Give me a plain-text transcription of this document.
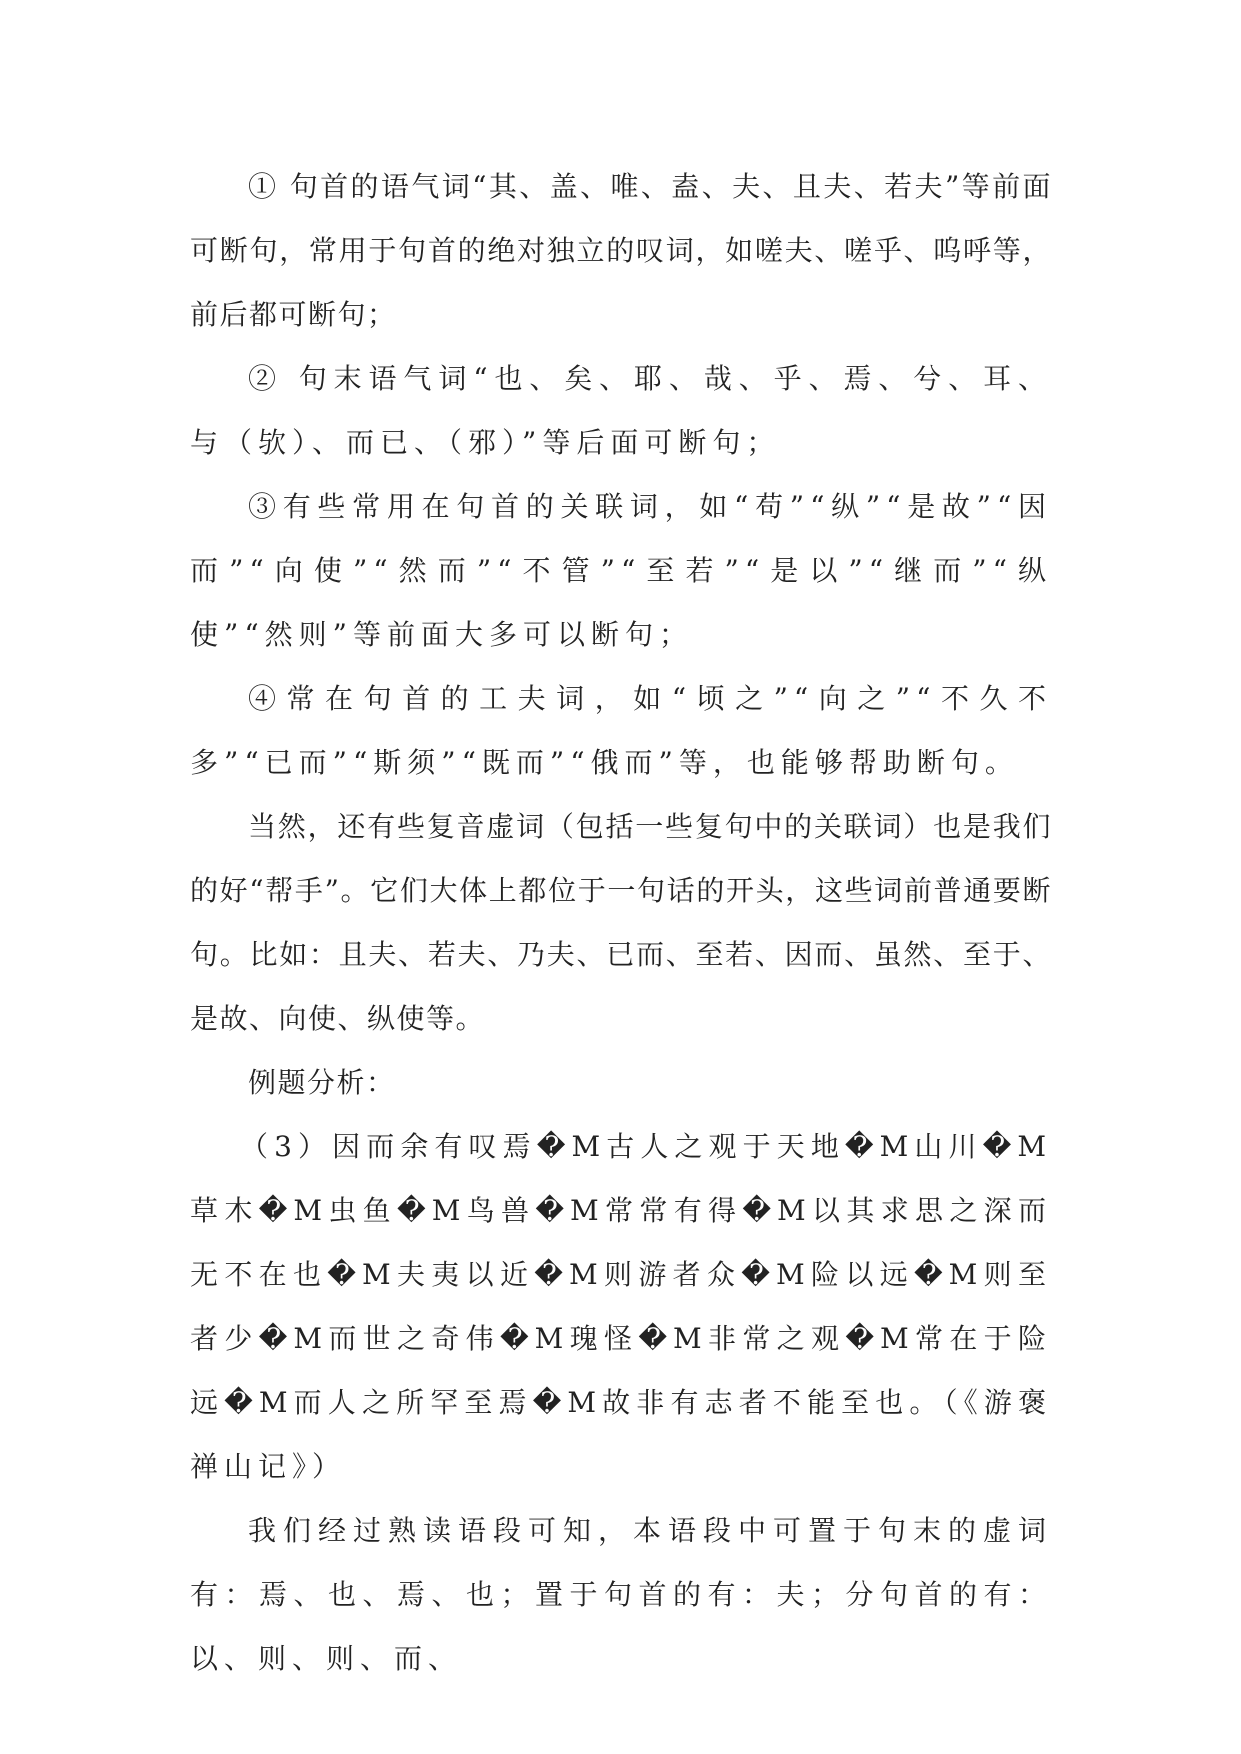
① 句首的语气词“其、盖、唯、盍、夫、且夫、若夫”等前面可断句，常用于句首的绝对独立的叹词，如嗟夫、嗟乎、呜呼等，前后都可断句；

② 句末语气词“也、矣、耶、哉、乎、焉、兮、耳、与（欤）、而已、（邪）”等后面可断句；

③有些常用在句首的关联词，如“苟”“纵”“是故”“因而”“向使”“然而”“不管”“至若”“是以”“继而”“纵使”“然则”等前面大多可以断句；

④常在句首的工夫词，如“顷之”“向之”“不久不多”“已而”“斯须”“既而”“俄而”等，也能够帮助断句。

当然，还有些复音虚词（包括一些复句中的关联词）也是我们的好“帮手”。它们大体上都位于一句话的开头，这些词前普通要断句。比如：且夫、若夫、乃夫、已而、至若、因而、虽然、至于、是故、向使、纵使等。

例题分析：

（3）因而余有叹焉�M古人之观于天地�M山川�M草木�M虫鱼�M鸟兽�M常常有得�M以其求思之深而无不在也�M夫夷以近�M则游者众�M险以远�M则至者少�M而世之奇伟�M瑰怪�M非常之观�M常在于险远�M而人之所罕至焉�M故非有志者不能至也。（《游褒禅山记》）

我们经过熟读语段可知，本语段中可置于句末的虚词有：焉、也、焉、也；置于句首的有：夫；分句首的有：以、则、则、而、
